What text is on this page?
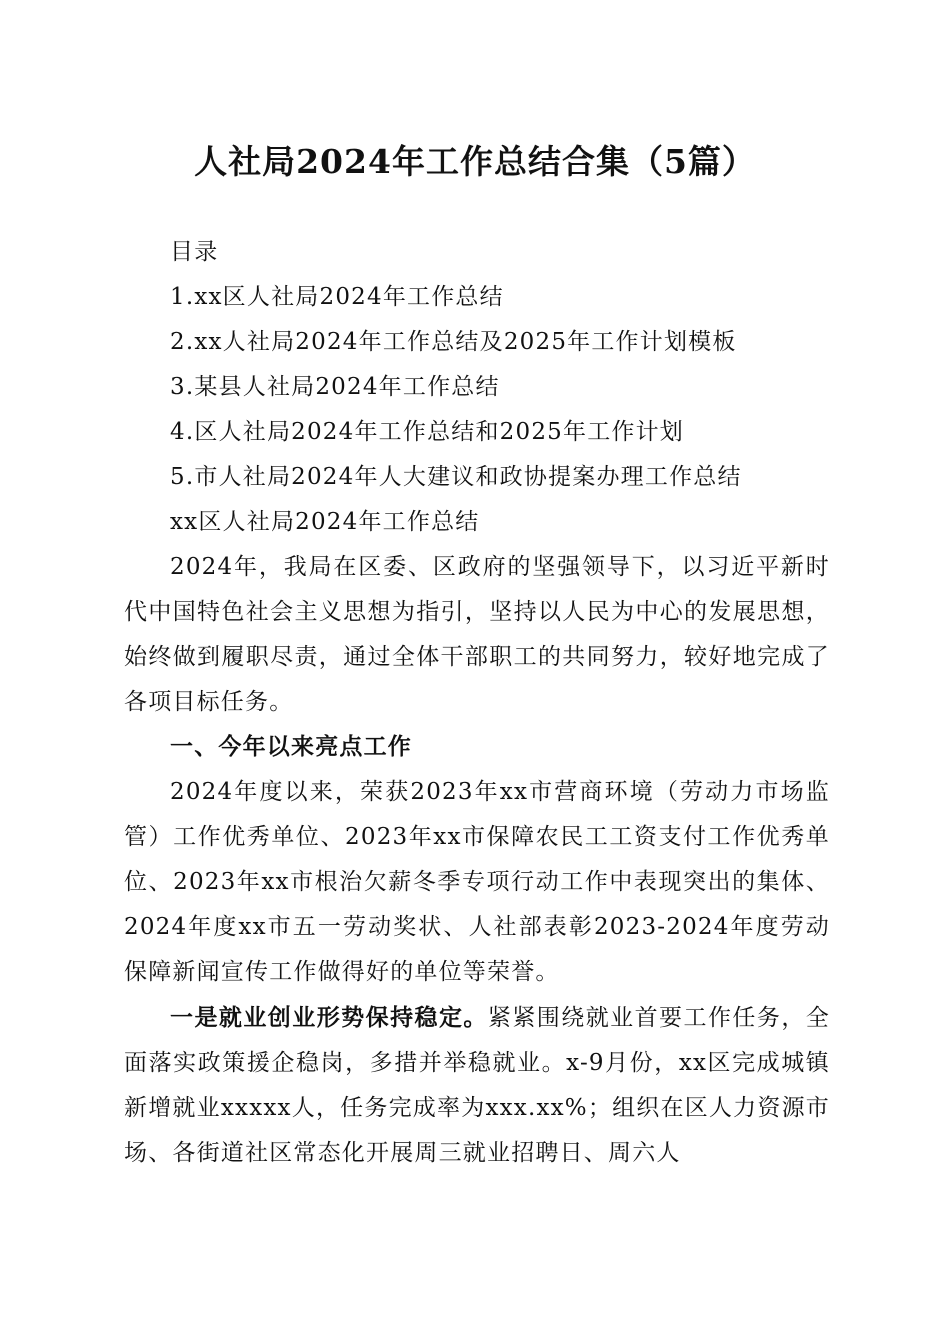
人社局2024年工作总结合集（5篇）

目录

1.xx区人社局2024年工作总结

2.xx人社局2024年工作总结及2025年工作计划模板

3.某县人社局2024年工作总结

4.区人社局2024年工作总结和2025年工作计划

5.市人社局2024年人大建议和政协提案办理工作总结

xx区人社局2024年工作总结

2024年，我局在区委、区政府的坚强领导下，以习近平新时代中国特色社会主义思想为指引，坚持以人民为中心的发展思想，始终做到履职尽责，通过全体干部职工的共同努力，较好地完成了各项目标任务。

一、今年以来亮点工作

2024年度以来，荣获2023年xx市营商环境（劳动力市场监管）工作优秀单位、2023年xx市保障农民工工资支付工作优秀单位、2023年xx市根治欠薪冬季专项行动工作中表现突出的集体、2024年度xx市五一劳动奖状、人社部表彰2023-2024年度劳动保障新闻宣传工作做得好的单位等荣誉。

一是就业创业形势保持稳定。紧紧围绕就业首要工作任务，全面落实政策援企稳岗，多措并举稳就业。x-9月份，xx区完成城镇新增就业xxxxx人，任务完成率为xxx.xx%；组织在区人力资源市场、各街道社区常态化开展周三就业招聘日、周六人
